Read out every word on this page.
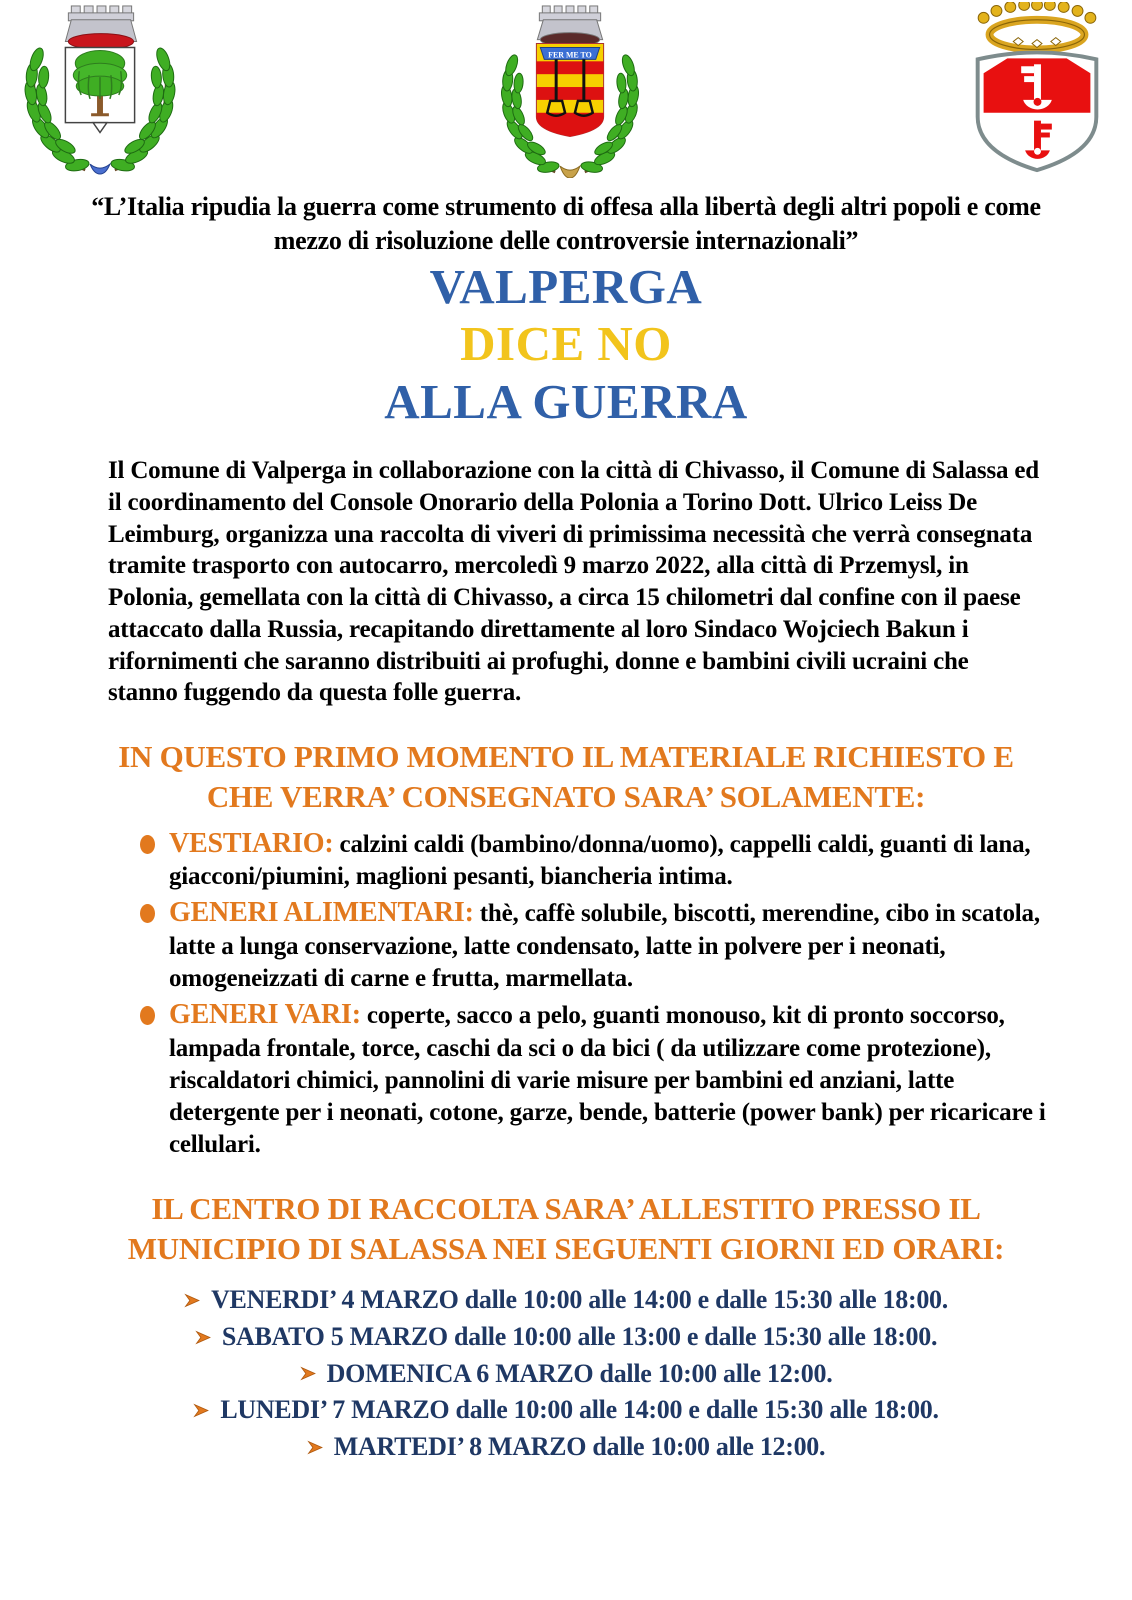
FER ME TO
“L’Italia ripudia la guerra come strumento di offesa alla libertà degli altri popoli e come mezzo di risoluzione delle controversie internazionali”
VALPERGA
DICE NO
ALLA GUERRA
Il Comune di Valperga in collaborazione con la città di Chivasso, il Comune di Salassa ed il coordinamento del Console Onorario della Polonia a Torino Dott. Ulrico Leiss De Leimburg, organizza una raccolta di viveri di primissima necessità che verrà consegnata tramite trasporto con autocarro, mercoledì 9 marzo 2022, alla città di Przemysl, in Polonia, gemellata con la città di Chivasso, a circa 15 chilometri dal confine con il paese attaccato dalla Russia, recapitando direttamente al loro Sindaco Wojciech Bakun i rifornimenti che saranno distribuiti ai profughi, donne e bambini civili ucraini che stanno fuggendo da questa folle guerra.
IN QUESTO PRIMO MOMENTO IL MATERIALE RICHIESTO E CHE VERRA’ CONSEGNATO SARA’ SOLAMENTE:
VESTIARIO: calzini caldi (bambino/donna/uomo), cappelli caldi, guanti di lana, giacconi/piumini, maglioni pesanti, biancheria intima.
GENERI ALIMENTARI: thè, caffè solubile, biscotti, merendine, cibo in scatola, latte a lunga conservazione, latte condensato, latte in polvere per i neonati, omogeneizzati di carne e frutta, marmellata.
GENERI VARI: coperte, sacco a pelo, guanti monouso, kit di pronto soccorso, lampada frontale, torce, caschi da sci o da bici ( da utilizzare come protezione), riscaldatori chimici, pannolini di varie misure per bambini ed anziani, latte detergente per i neonati, cotone, garze, bende, batterie (power bank) per ricaricare i cellulari.
IL CENTRO DI RACCOLTA SARA’ ALLESTITO PRESSO IL MUNICIPIO DI SALASSA NEI SEGUENTI GIORNI ED ORARI:
VENERDI’ 4 MARZO dalle 10:00 alle 14:00 e dalle 15:30 alle 18:00.
SABATO 5 MARZO dalle 10:00 alle 13:00 e dalle 15:30 alle 18:00.
DOMENICA 6 MARZO dalle 10:00 alle 12:00.
LUNEDI’ 7 MARZO dalle 10:00 alle 14:00 e dalle 15:30 alle 18:00.
MARTEDI’ 8 MARZO dalle 10:00 alle 12:00.
